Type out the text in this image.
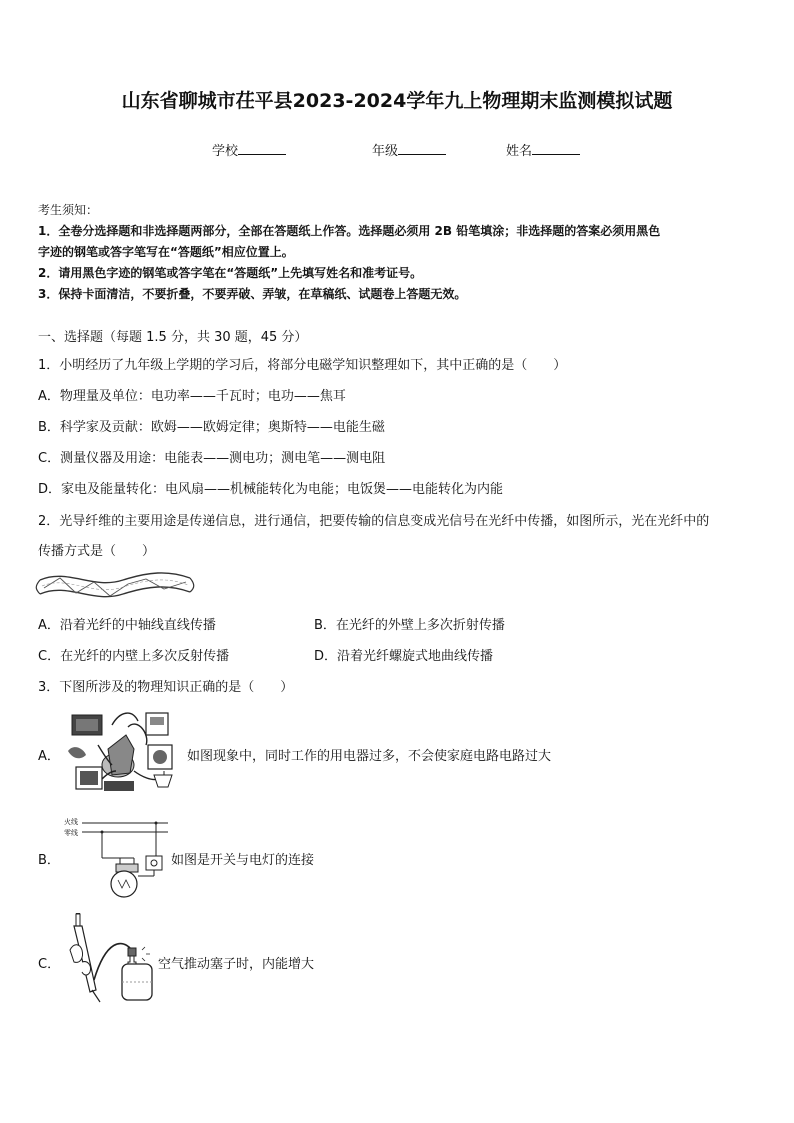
山东省聊城市茌平县2023-2024学年九上物理期末监测模拟试题
学校	年级	姓名
考生须知：
1．全卷分选择题和非选择题两部分，全部在答题纸上作答。选择题必须用 2B 铅笔填涂；非选择题的答案必须用黑色
字迹的钢笔或答字笔写在“答题纸”相应位置上。
2．请用黑色字迹的钢笔或答字笔在“答题纸”上先填写姓名和准考证号。
3．保持卡面清洁，不要折叠，不要弄破、弄皱，在草稿纸、试题卷上答题无效。
一、选择题（每题 1.5 分，共 30 题，45 分）
1．小明经历了九年级上学期的学习后，将部分电磁学知识整理如下，其中正确的是（　　）
A．物理量及单位：电功率——千瓦时；电功——焦耳
B．科学家及贡献：欧姆——欧姆定律；奥斯特——电能生磁
C．测量仪器及用途：电能表——测电功；测电笔——测电阻
D．家电及能量转化：电风扇——机械能转化为电能；电饭煲——电能转化为内能
2．光导纤维的主要用途是传递信息，进行通信，把要传输的信息变成光信号在光纤中传播，如图所示，光在光纤中的
传播方式是（　　）
A．沿着光纤的中轴线直线传播	B．在光纤的外壁上多次折射传播
C．在光纤的内壁上多次反射传播	D．沿着光纤螺旋式地曲线传播
3．下图所涉及的物理知识正确的是（　　）
A．	如图现象中，同时工作的用电器过多，不会使家庭电路电路过大
B．
火线
零线
如图是开关与电灯的连接
C．	空气推动塞子时，内能增大
